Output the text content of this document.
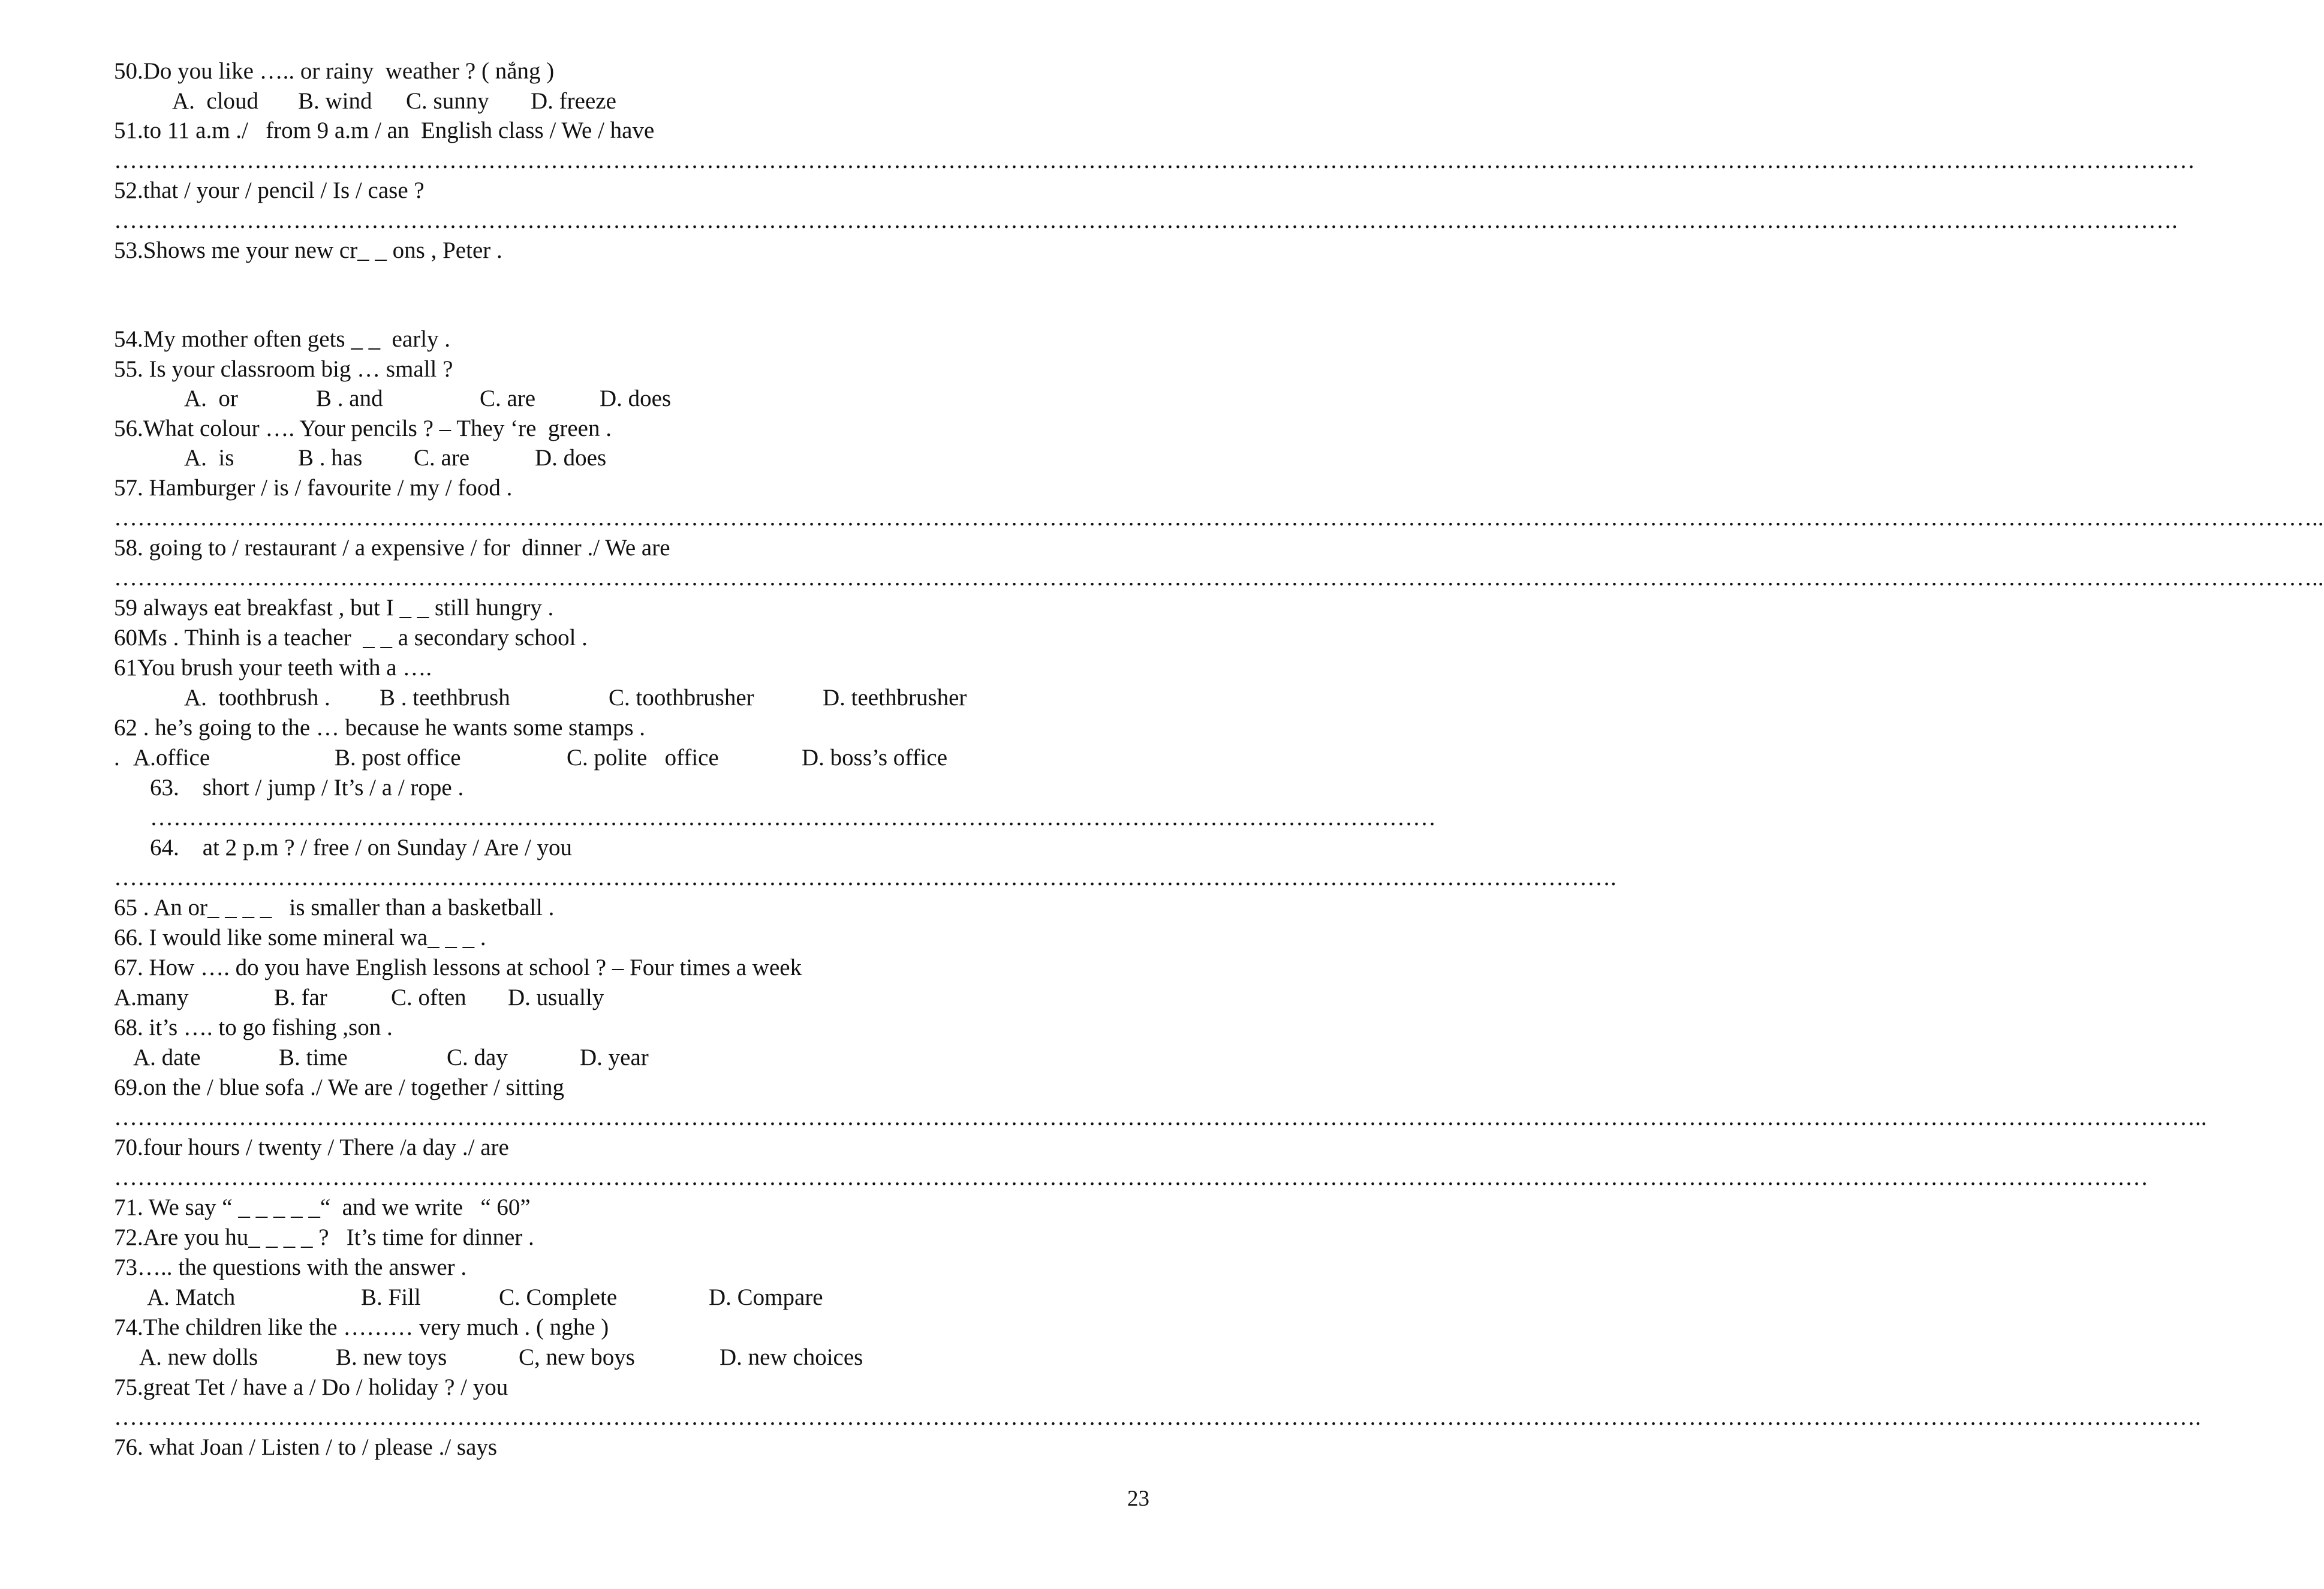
50.Do you like ….. or rainy  weather ? ( nắng )
A.  cloud B. wind C. sunny D. freeze
51.to 11 a.m ./   from 9 a.m / an  English class / We / have
……………………………………………………………………………………………………………………………………………………………………………………………………………………………………………
52.that / your / pencil / Is / case ?
………………………………………………………………………………………………………………………………………………………………………………………………………………………………………….
53.Shows me your new cr_ _ ons , Peter .
54.My mother often gets _ _  early .
55. Is your classroom big … small ?
A.  or	B . and	C. are	D. does
56.What colour …. Your pencils ? – They ‘re  green .
A.  is	B . has C. are	D. does
57. Hamburger / is / favourite / my / food .
…………………………………………………………………………………………………………………………………………………………………………………………………………………………………………………………..
58. going to / restaurant / a expensive / for  dinner ./ We are
…………………………………………………………………………………………………………………………………………………………………………………………………………………………………………………………..
59 always eat breakfast , but I _ _ still hungry .
60Ms . Thinh is a teacher  _ _ a secondary school .
61You brush your teeth with a ….
A.  toothbrush . B . teethbrush	C. toothbrusher	D. teethbrusher
62 . he’s going to the … because he wants some stamps .
. A.office	B. post office	C. polite   office	D. boss’s office
63.    short / jump / It’s / a / rope .
…………………………………………………………………………………………………………………………………………………
64.    at 2 p.m ? / free / on Sunday / Are / you
………………………………………………………………………………………………………………………………………………………………………….
65 . An or_ _ _ _   is smaller than a basketball .
66. I would like some mineral wa_ _ _ .
67. How …. do you have English lessons at school ? – Four times a week
A.many	B. far	C. often D. usually
68. it’s …. to go fishing ,son .
A. date	B. time	C. day	D. year
69.on the / blue sofa ./ We are / together / sitting
……………………………………………………………………………………………………………………………………………………………………………………………………………………………………………..
70.four hours / twenty / There /a day ./ are
………………………………………………………………………………………………………………………………………………………………………………………………………………………………………
71. We say “ _ _ _ _ _“  and we write   “ 60”
72.Are you hu_ _ _ _ ?   It’s time for dinner .
73….. the questions with the answer .
A. Match	B. Fill	C. Complete	D. Compare
74.The children like the ……… very much . ( nghe )
A. new dolls	B. new toys	C, new boys	D. new choices
75.great Tet / have a / Do / holiday ? / you
…………………………………………………………………………………………………………………………………………………………………………………………………………………………………………….
76. what Joan / Listen / to / please ./ says
23
